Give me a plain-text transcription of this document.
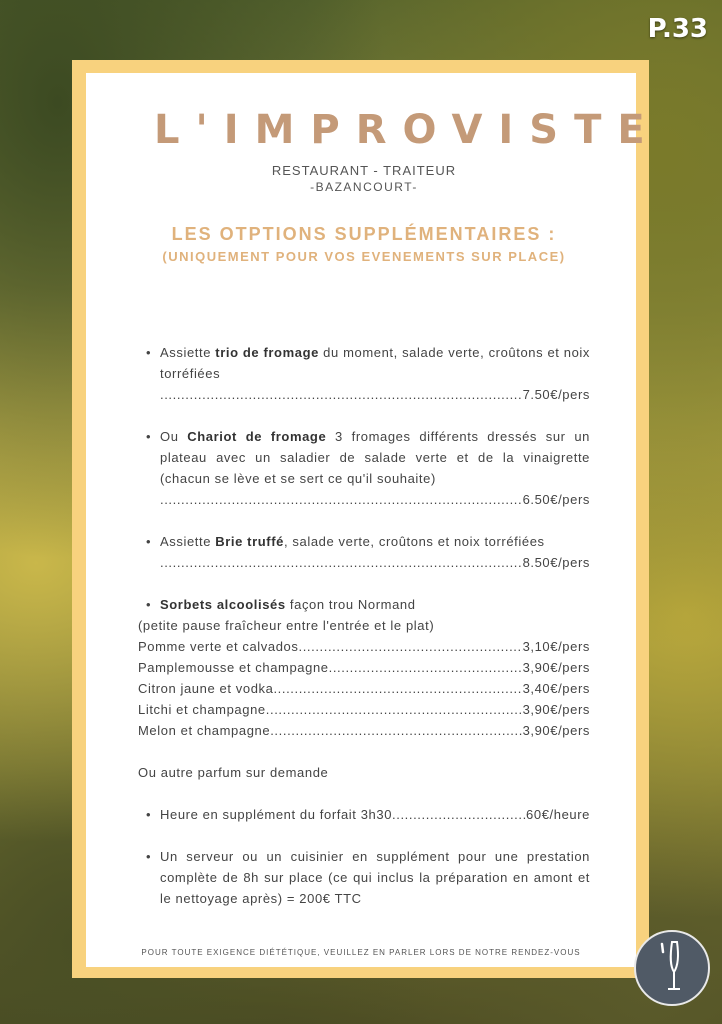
P.33
L'IMPROVISTE
RESTAURANT - TRAITEUR
-BAZANCOURT-
LES OTPTIONS SUPPLÉMENTAIRES :
(UNIQUEMENT POUR VOS EVENEMENTS SUR PLACE)
• Assiette trio de fromage du moment, salade verte, croûtons et noix torréfiées
.....
7.50€/pers
• Ou Chariot de fromage 3 fromages différents dressés sur un plateau avec un saladier de salade verte et de la vinaigrette (chacun se lève et se sert ce qu'il souhaite)
.....
6.50€/pers
• Assiette Brie truffé, salade verte, croûtons et noix torréfiées
.....
8.50€/pers
• Sorbets alcoolisés façon trou Normand
(petite pause fraîcheur entre l'entrée et le plat)
Pomme verte et calvados .....	3,10€/pers
Pamplemousse et champagne .....	3,90€/pers
Citron jaune et vodka .....	3,40€/pers
Litchi et champagne .....	3,90€/pers
Melon et champagne .....	3,90€/pers
Ou autre parfum sur demande
• Heure en supplément du forfait 3h30 .....	60€/heure
• Un serveur ou un cuisinier en supplément pour une prestation complète de 8h sur place (ce qui inclus la préparation en amont et le nettoyage après) = 200€ TTC
POUR TOUTE EXIGENCE DIÉTÉTIQUE, VEUILLEZ EN PARLER LORS DE NOTRE RENDEZ-VOUS
